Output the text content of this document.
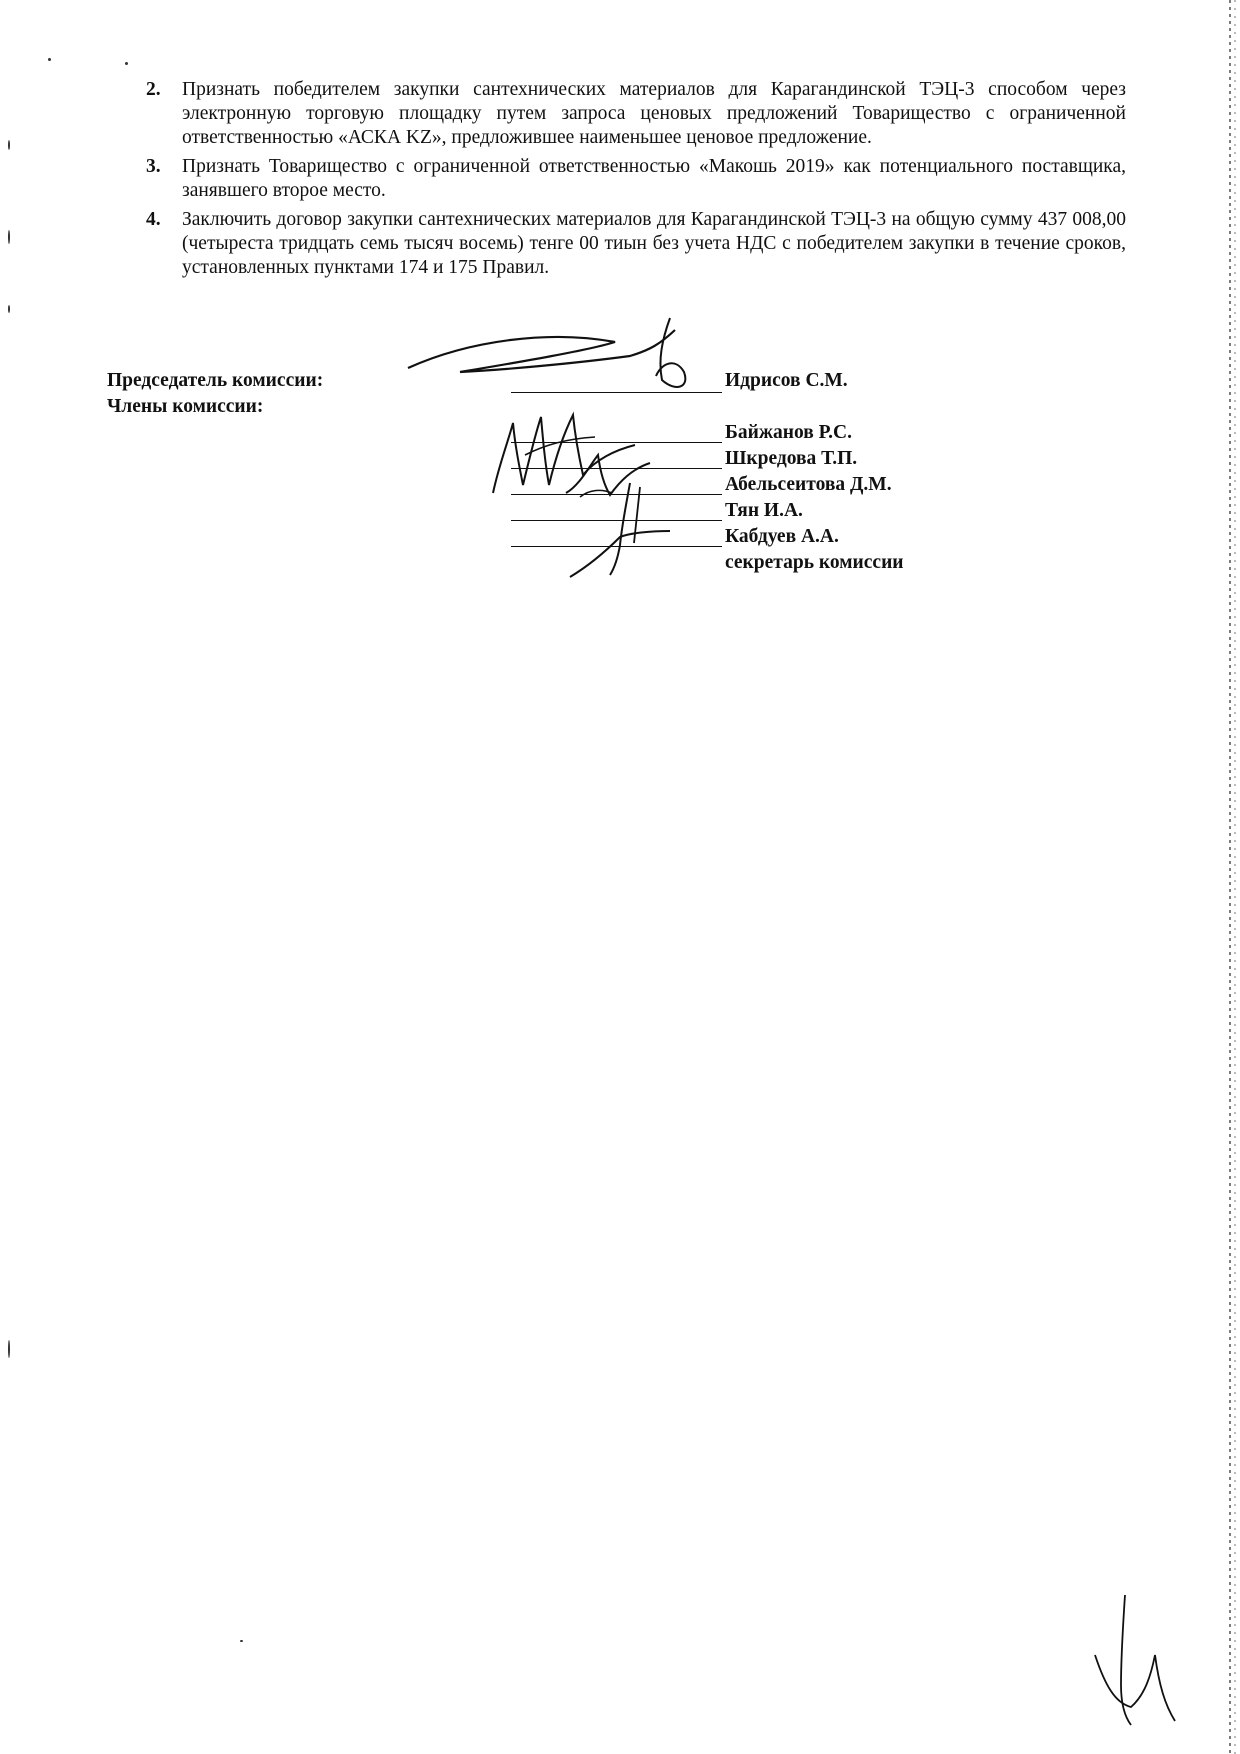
2. Признать победителем закупки сантехнических материалов для Карагандинской ТЭЦ-3 способом через электронную торговую площадку путем запроса ценовых предложений Товарищество с ограниченной ответственностью «АСКА KZ», предложившее наименьшее ценовое предложение.
3. Признать Товарищество с ограниченной ответственностью «Макошь 2019» как потенциального поставщика, занявшего второе место.
4. Заключить договор закупки сантехнических материалов для Карагандинской ТЭЦ-3 на общую сумму 437 008,00 (четыреста тридцать семь тысяч восемь) тенге 00 тиын без учета НДС с победителем закупки в течение сроков, установленных пунктами 174 и 175 Правил.
Председатель комиссии:
Члены комиссии:
Идрисов С.М.
Байжанов Р.С.
Шкредова Т.П.
Абельсеитова Д.М.
Тян И.А.
Кабдуев А.А.
секретарь комиссии
